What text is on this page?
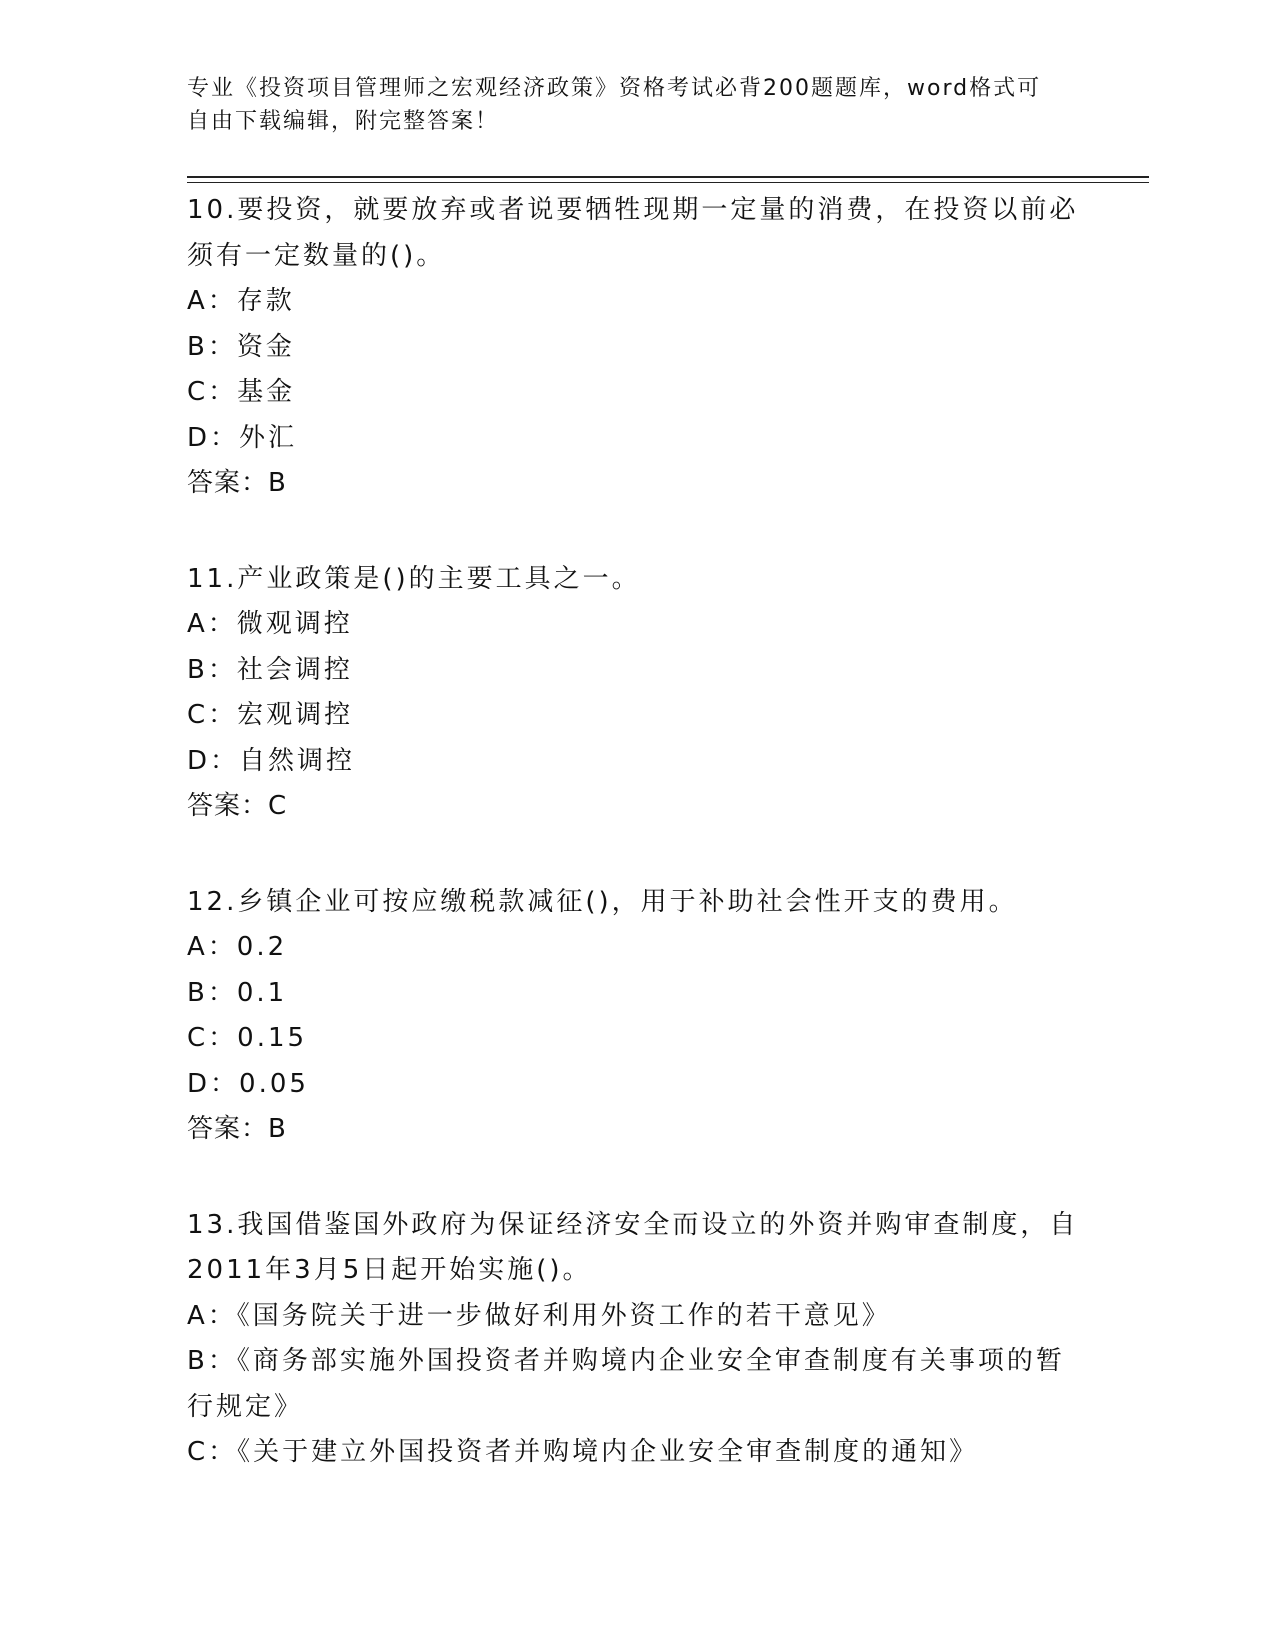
专业《投资项目管理师之宏观经济政策》资格考试必背200题题库，word格式可
自由下载编辑，附完整答案！
10.要投资，就要放弃或者说要牺牲现期一定量的消费，在投资以前必
须有一定数量的()。
A：存款
B：资金
C：基金
D：外汇
答案：B
11.产业政策是()的主要工具之一。
A：微观调控
B：社会调控
C：宏观调控
D：自然调控
答案：C
12.乡镇企业可按应缴税款减征()，用于补助社会性开支的费用。
A：0.2
B：0.1
C：0.15
D：0.05
答案：B
13.我国借鉴国外政府为保证经济安全而设立的外资并购审查制度，自
2011年3月5日起开始实施()。
A：《国务院关于进一步做好利用外资工作的若干意见》
B：《商务部实施外国投资者并购境内企业安全审查制度有关事项的暂
行规定》
C：《关于建立外国投资者并购境内企业安全审查制度的通知》
